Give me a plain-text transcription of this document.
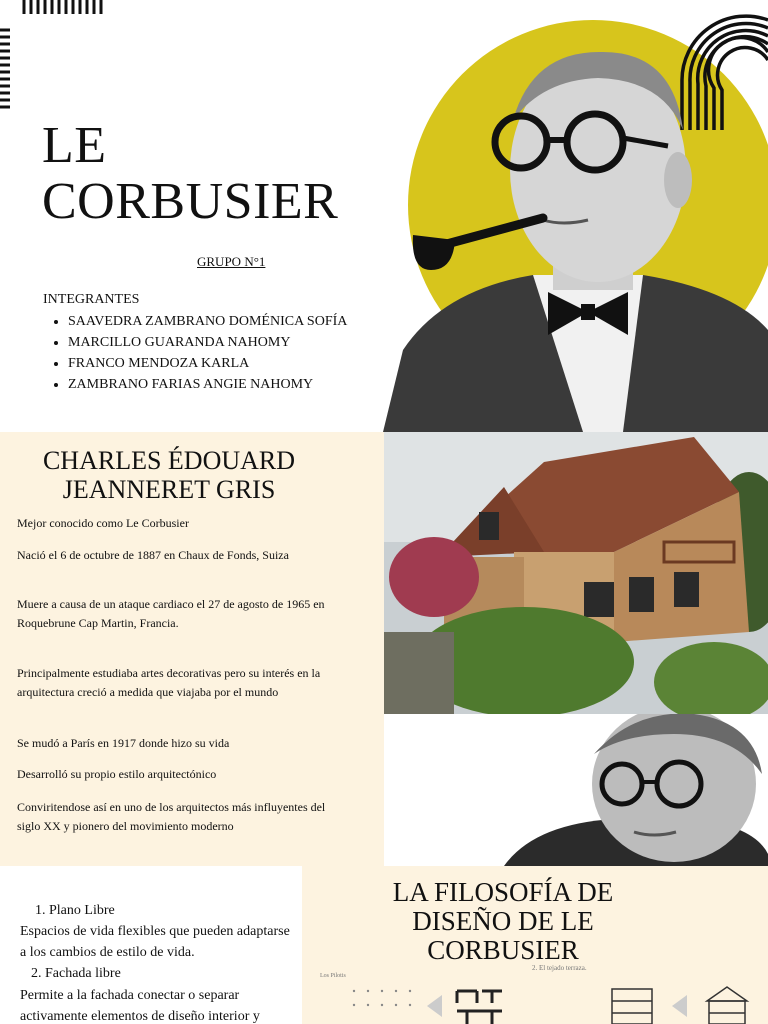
LE
CORBUSIER
GRUPO N°1
INTEGRANTES
• SAAVEDRA ZAMBRANO DOMÉNICA SOFÍA
• MARCILLO GUARANDA NAHOMY
• FRANCO MENDOZA KARLA
• ZAMBRANO FARIAS ANGIE NAHOMY
CHARLES ÉDOUARD
JEANNERET GRIS

Mejor conocido como Le Corbusier

Nació el 6 de octubre de 1887 en Chaux de Fonds, Suiza

Muere a causa de un ataque cardiaco el 27 de agosto de 1965 en Roquebrune Cap Martin, Francia.

Principalmente estudiaba artes decorativas pero su interés en la arquitectura creció a medida que viajaba por el mundo

Se mudó a París en 1917 donde hizo su vida

Desarrolló su propio estilo arquitectónico

Conviritendose así en uno de los arquitectos más influyentes del siglo XX y pionero del movimiento moderno

1. Plano Libre
Espacios de vida flexibles que pueden adaptarse a los cambios de estilo de vida.
2. Fachada libre
Permite a la fachada conectar o separar activamente elementos de diseño interior y
LA FILOSOFÍA DE
DISEÑO DE LE
CORBUSIER
Los Pilotis
2. El tejado terraza.
